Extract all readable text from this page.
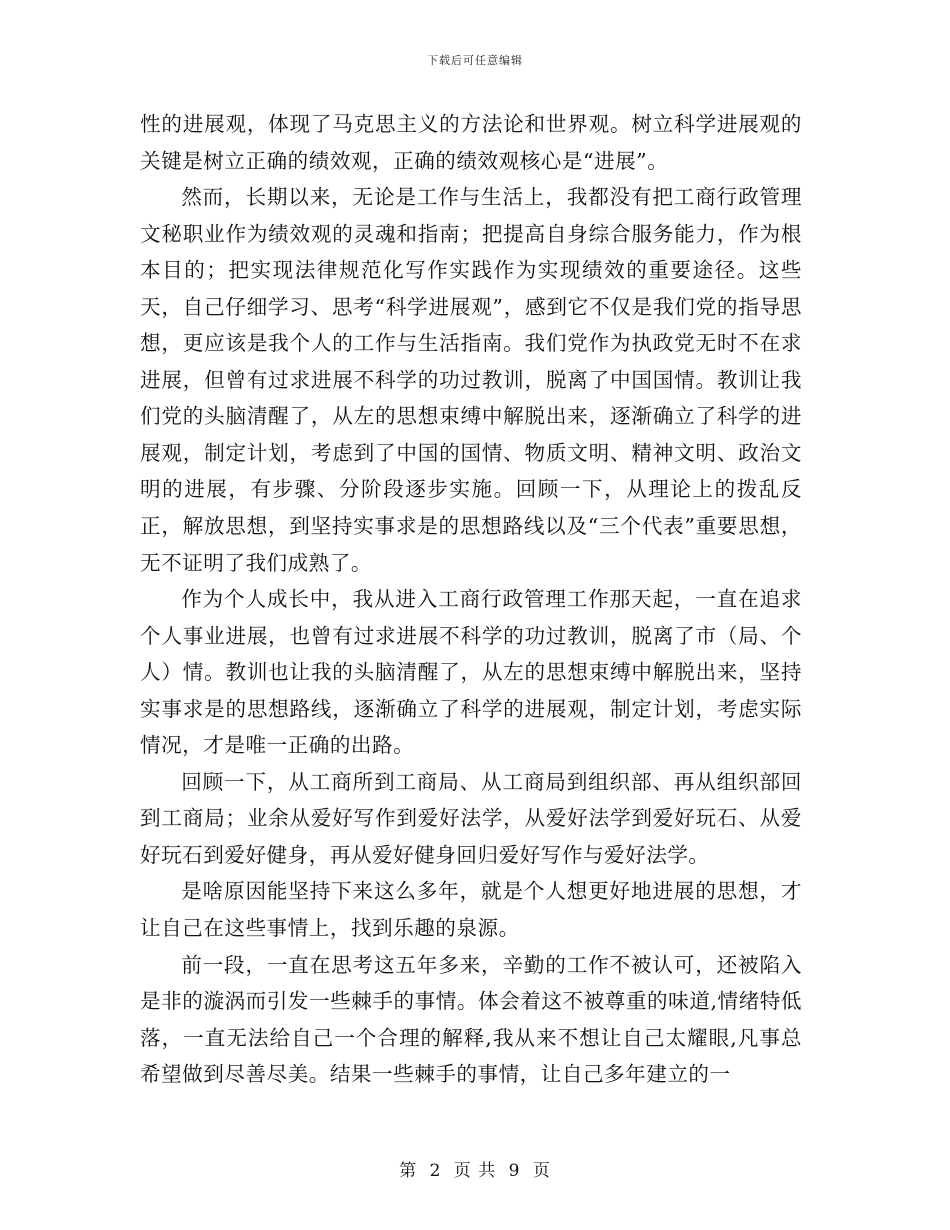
下载后可任意编辑

性的进展观，体现了马克思主义的方法论和世界观。树立科学进展观的关键是树立正确的绩效观，正确的绩效观核心是“进展”。

然而，长期以来，无论是工作与生活上，我都没有把工商行政管理文秘职业作为绩效观的灵魂和指南；把提高自身综合服务能力，作为根本目的；把实现法律规范化写作实践作为实现绩效的重要途径。这些天，自己仔细学习、思考“科学进展观”，感到它不仅是我们党的指导思想，更应该是我个人的工作与生活指南。我们党作为执政党无时不在求进展，但曾有过求进展不科学的功过教训，脱离了中国国情。教训让我们党的头脑清醒了，从左的思想束缚中解脱出来，逐渐确立了科学的进展观，制定计划，考虑到了中国的国情、物质文明、精神文明、政治文明的进展，有步骤、分阶段逐步实施。回顾一下，从理论上的拨乱反正，解放思想，到坚持实事求是的思想路线以及“三个代表”重要思想，无不证明了我们成熟了。

作为个人成长中，我从进入工商行政管理工作那天起，一直在追求个人事业进展，也曾有过求进展不科学的功过教训，脱离了市（局、个人）情。教训也让我的头脑清醒了，从左的思想束缚中解脱出来，坚持实事求是的思想路线，逐渐确立了科学的进展观，制定计划，考虑实际情况，才是唯一正确的出路。

回顾一下，从工商所到工商局、从工商局到组织部、再从组织部回到工商局；业余从爱好写作到爱好法学，从爱好法学到爱好玩石、从爱好玩石到爱好健身，再从爱好健身回归爱好写作与爱好法学。

是啥原因能坚持下来这么多年，就是个人想更好地进展的思想，才让自己在这些事情上，找到乐趣的泉源。

前一段，一直在思考这五年多来，辛勤的工作不被认可，还被陷入是非的漩涡而引发一些棘手的事情。体会着这不被尊重的味道,情绪特低落，一直无法给自己一个合理的解释,我从来不想让自己太耀眼,凡事总希望做到尽善尽美。结果一些棘手的事情，让自己多年建立的一

第 2 页 共 9 页
